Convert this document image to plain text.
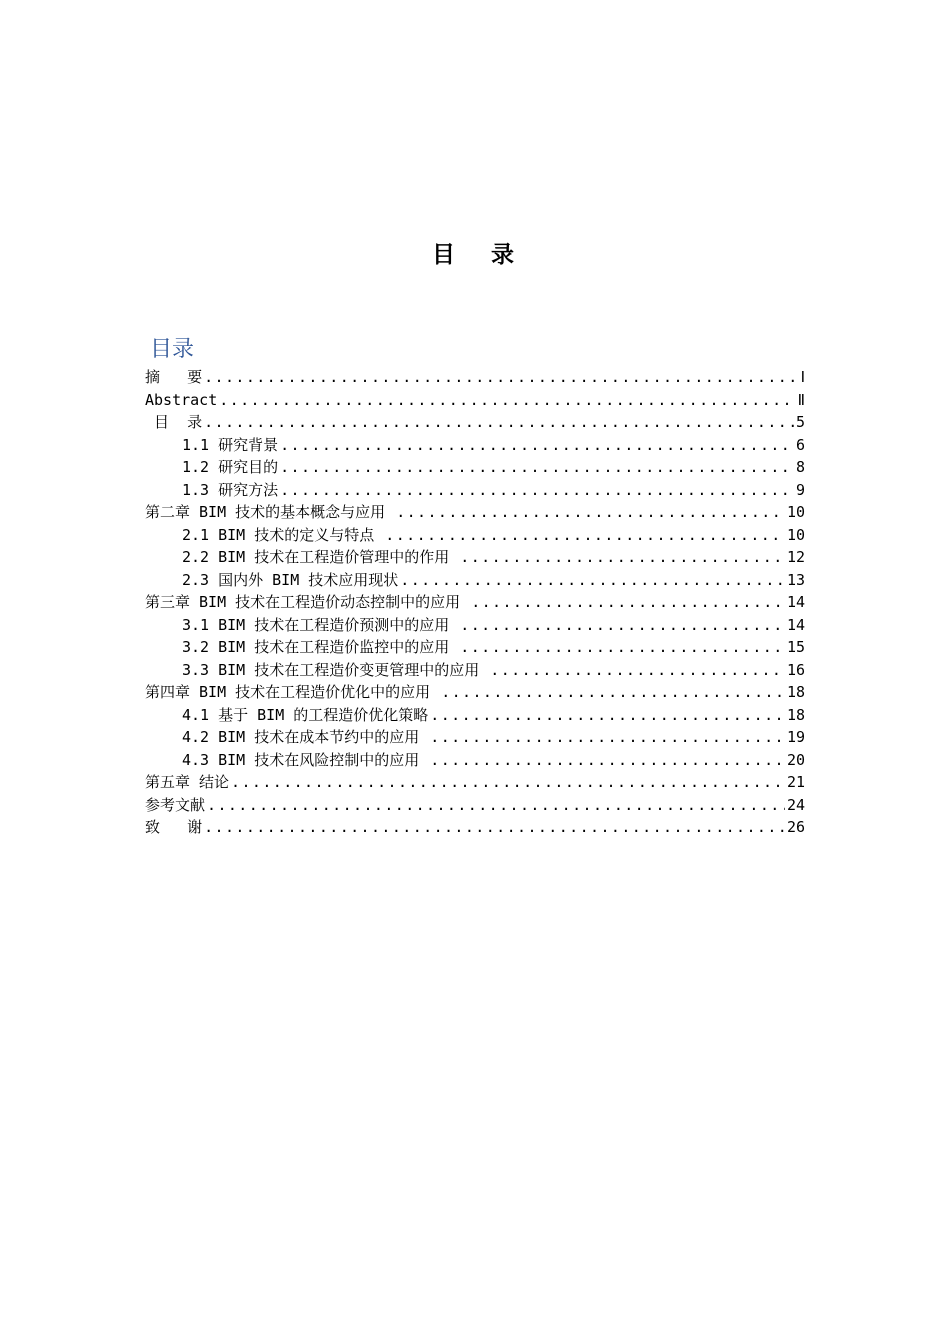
目 录
目录
摘   要 .....	Ⅰ
Abstract .....	Ⅱ
目  录 .....	5
1.1 研究背景 .....	6
1.2 研究目的 .....	8
1.3 研究方法 .....	9
第二章 BIM 技术的基本概念与应用 .....	10
2.1 BIM 技术的定义与特点 .....	10
2.2 BIM 技术在工程造价管理中的作用 .....	12
2.3 国内外 BIM 技术应用现状 .....	13
第三章 BIM 技术在工程造价动态控制中的应用 .....	14
3.1 BIM 技术在工程造价预测中的应用 .....	14
3.2 BIM 技术在工程造价监控中的应用 .....	15
3.3 BIM 技术在工程造价变更管理中的应用 .....	16
第四章 BIM 技术在工程造价优化中的应用 .....	18
4.1 基于 BIM 的工程造价优化策略 .....	18
4.2 BIM 技术在成本节约中的应用 .....	19
4.3 BIM 技术在风险控制中的应用 .....	20
第五章 结论 .....	21
参考文献 .....	24
致   谢 .....	26
